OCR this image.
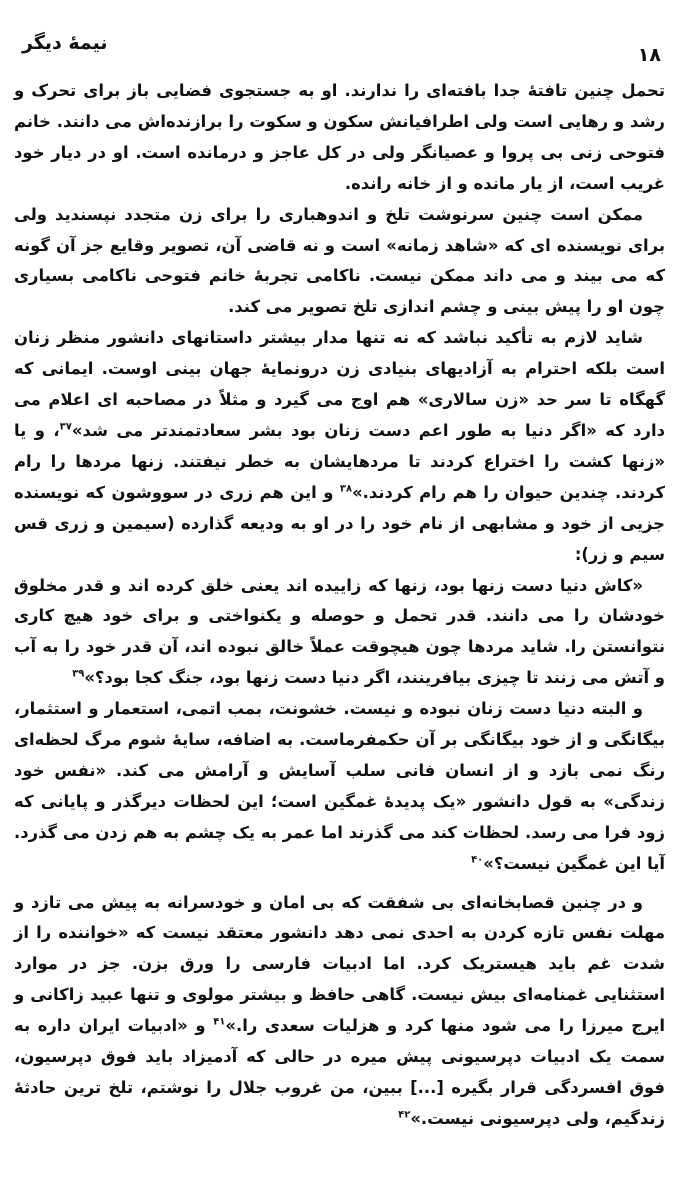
نیمهٔ دیگر
۱۸

تحمل چنین تافتهٔ جدا بافته‌ای را ندارند. او به جستجوی فضایی باز برای تحرک و رشد و رهایی است ولی اطرافیانش سکون و سکوت را برازنده‌اش می دانند. خانم فتوحی زنی بی پروا و عصیانگر ولی در کل عاجز و درمانده است. او در دیار خود غریب است، از یار مانده و از خانه رانده.

ممکن است چنین سرنوشت تلخ و اندوهباری را برای زن متجدد نپسندید ولی برای نویسنده ای که «شاهد زمانه» است و نه قاضی آن، تصویر وقایع جز آن گونه که می بیند و می داند ممکن نیست. ناکامی تجربهٔ خانم فتوحی ناکامی بسیاری چون او را پیش بینی و چشم اندازی تلخ تصویر می کند.

شاید لازم به تأکید نباشد که نه تنها مدار بیشتر داستانهای دانشور منظر زنان است بلکه احترام به آزادیهای بنیادی زن درونمایهٔ جهان بینی اوست. ایمانی که گهگاه تا سر حد «زن سالاری» هم اوج می گیرد و مثلاً در مصاحبه ای اعلام می دارد که «اگر دنیا به طور اعم دست زنان بود بشر سعادتمندتر می شد»$^{۳۷}$، و یا «زنها کشت را اختراع کردند تا مردهایشان به خطر نیفتند. زنها مردها را رام کردند. چندین حیوان را هم رام کردند.»$^{۳۸}$ و این هم زری در سووشون که نویسنده جزیی از خود و مشابهی از نام خود را در او به ودیعه گذارده (سیمین و زری قس سیم و زر):

«کاش دنیا دست زنها بود، زنها که زاییده اند یعنی خلق کرده اند و قدر مخلوق خودشان را می دانند. قدر تحمل و حوصله و یکنواختی و برای خود هیچ کاری نتوانستن را. شاید مردها چون هیچوقت عملاً خالق نبوده اند، آن قدر خود را به آب و آتش می زنند تا چیزی بیافرینند، اگر دنیا دست زنها بود، جنگ کجا بود؟»$^{۳۹}$

و البته دنیا دست زنان نبوده و نیست. خشونت، بمب اتمی، استعمار و استثمار، بیگانگی و از خود بیگانگی بر آن حکمفرماست. به اضافه، سایهٔ شوم مرگ لحظه‌ای رنگ نمی بازد و از انسان فانی سلب آسایش و آرامش می کند. «نفس خود زندگی» به قول دانشور «یک پدیدهٔ غمگین است؛ این لحظات دیرگذر و پایانی که زود فرا می رسد. لحظات کند می گذرند اما عمر به یک چشم به هم زدن می گذرد. آیا این غمگین نیست؟»$^{۴۰}$

و در چنین قصابخانه‌ای بی شفقت که بی امان و خودسرانه به پیش می تازد و مهلت نفس تازه کردن به احدی نمی دهد دانشور معتقد نیست که «خواننده را از شدت غم باید هیستریک کرد. اما ادبیات فارسی را ورق بزن. جز در موارد استثنایی غمنامه‌ای بیش نیست. گاهی حافظ و بیشتر مولوی و تنها عبید زاکانی و ایرج میرزا را می شود منها کرد و هزلیات سعدی را.»$^{۴۱}$ و «ادبیات ایران داره به سمت یک ادبیات دپرسیونی پیش میره در حالی که آدمیزاد باید فوق دپرسیون، فوق افسردگی قرار بگیره [...] ببین، من غروب جلال را نوشتم، تلخ ترین حادثهٔ زندگیم، ولی دپرسیونی نیست.»$^{۴۲}$
